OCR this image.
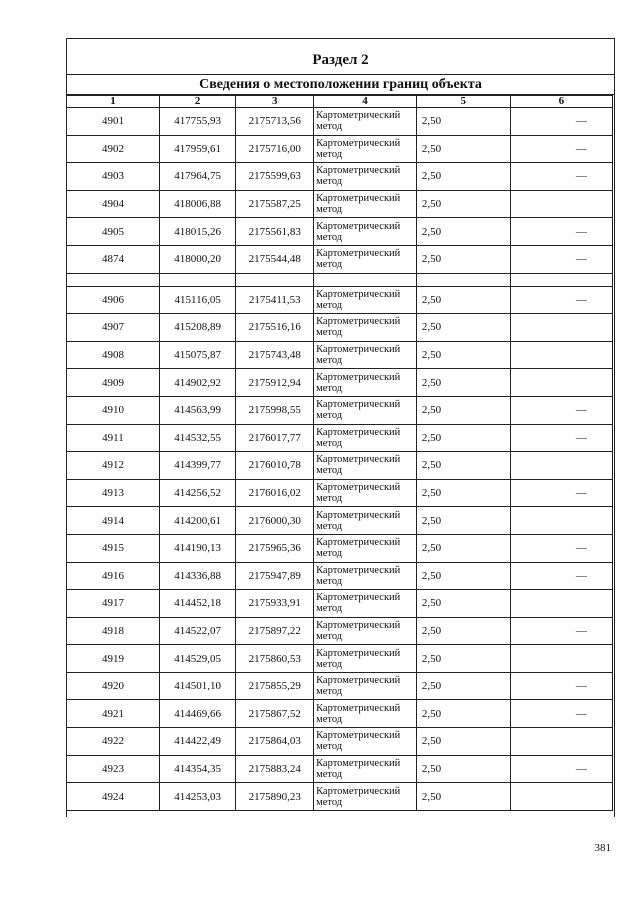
Раздел 2
Сведения о местоположении границ объекта
1	2	3	4	5	6
4901	417755,93	2175713,56	Картометрический метод	2,50	—
4902	417959,61	2175716,00	Картометрический метод	2,50	—
4903	417964,75	2175599,63	Картометрический метод	2,50	—
4904	418006,88	2175587,25	Картометрический метод	2,50	
4905	418015,26	2175561,83	Картометрический метод	2,50	—
4874	418000,20	2175544,48	Картометрический метод	2,50	—

4906	415116,05	2175411,53	Картометрический метод	2,50	—
4907	415208,89	2175516,16	Картометрический метод	2,50	
4908	415075,87	2175743,48	Картометрический метод	2,50	
4909	414902,92	2175912,94	Картометрический метод	2,50	
4910	414563,99	2175998,55	Картометрический метод	2,50	—
4911	414532,55	2176017,77	Картометрический метод	2,50	—
4912	414399,77	2176010,78	Картометрический метод	2,50	
4913	414256,52	2176016,02	Картометрический метод	2,50	—
4914	414200,61	2176000,30	Картометрический метод	2,50	
4915	414190,13	2175965,36	Картометрический метод	2,50	—
4916	414336,88	2175947,89	Картометрический метод	2,50	—
4917	414452,18	2175933,91	Картометрический метод	2,50	
4918	414522,07	2175897,22	Картометрический метод	2,50	—
4919	414529,05	2175860,53	Картометрический метод	2,50	
4920	414501,10	2175855,29	Картометрический метод	2,50	—
4921	414469,66	2175867,52	Картометрический метод	2,50	—
4922	414422,49	2175864,03	Картометрический метод	2,50	
4923	414354,35	2175883,24	Картометрический метод	2,50	—
4924	414253,03	2175890,23	Картометрический метод	2,50	
381
